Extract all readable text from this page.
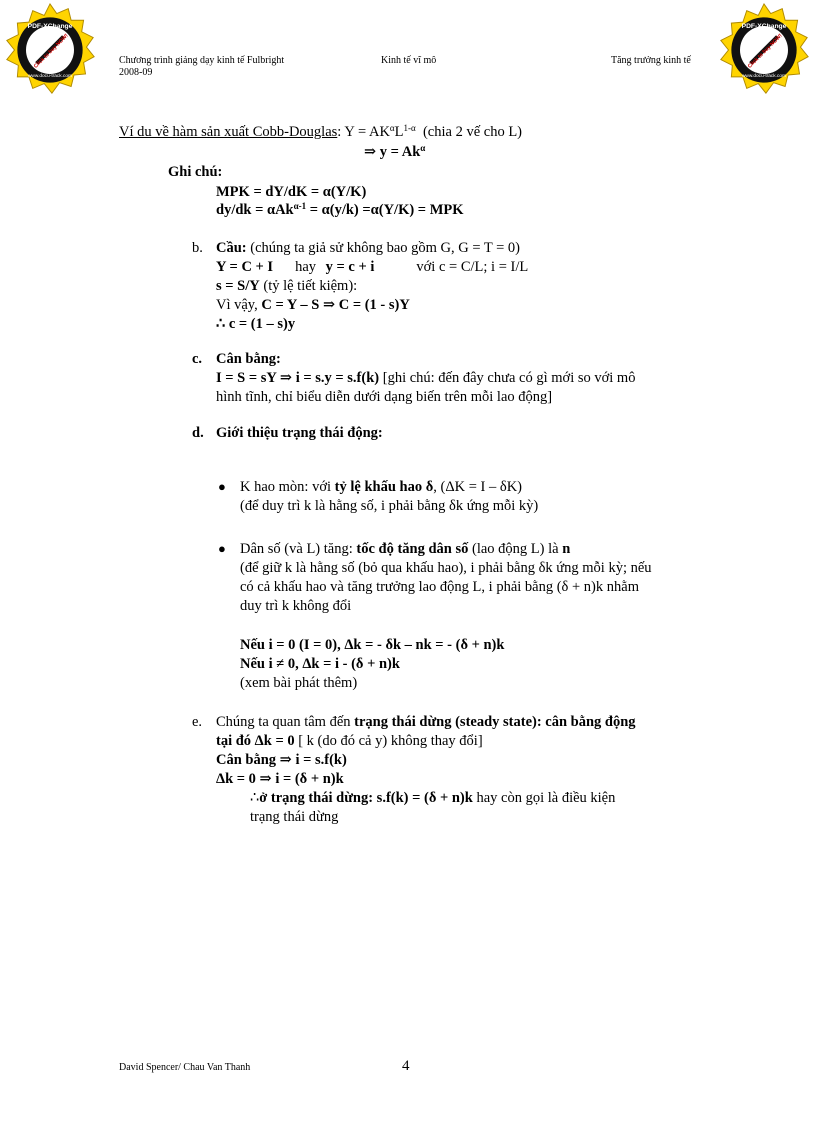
PDF-XChange
Click to buy NOW!
www.docu-track.com
PDF-XChange
Click to buy NOW!
www.docu-track.com
Chương trình giảng dạy kinh tế Fulbright
2008-09
Kinh tế vĩ mô	Tăng trưởng kinh tế
Ví du về hàm sản xuất Cobb-Douglas: $Y = AK^\alpha L^{1-\alpha}$ (chia 2 vế cho L)
⇒ $y = Ak^\alpha$
Ghi chú:
MPK = dY/dK = α(Y/K)
dy/dk = αAk$^{\alpha-1}$ = α(y/k) =α(Y/K) = MPK
b. Cầu: (chúng ta giả sử không bao gồm G, G = T = 0)
Y = C + I hay y = c + i	với c = C/L; i = I/L
s = S/Y (tỷ lệ tiết kiệm):
Vì vậy, C = Y – S ⇒ C = (1 - s)Y
∴ c = (1 – s)y
c. Cân bằng:
I = S = sY ⇒ i = s.y = s.f(k) [ghi chú: đến đây chưa có gì mới so với mô
hình tĩnh, chỉ biểu diễn dưới dạng biến trên mỗi lao động]
d. Giới thiệu trạng thái động:
● K hao mòn: với tỷ lệ khấu hao δ, (ΔK = I – δK)
(để duy trì k là hằng số, i phải bằng δk ứng mỗi kỳ)
● Dân số (và L) tăng: tốc độ tăng dân số (lao động L) là n
(để giữ k là hằng số (bỏ qua khấu hao), i phải bằng δk ứng mỗi kỳ; nếu
có cả khấu hao và tăng trưởng lao động L, i phải bằng (δ + n)k nhằm
duy trì k không đổi
Nếu i = 0 (I = 0), Δk = - δk – nk = - (δ + n)k
Nếu i ≠ 0, Δk = i - (δ + n)k
(xem bài phát thêm)
e. Chúng ta quan tâm đến trạng thái dừng (steady state): cân bằng động
tại đó Δk = 0 [ k (do đó cả y) không thay đổi]
Cân bằng ⇒ i = s.f(k)
Δk = 0 ⇒ i = (δ + n)k
∴ở trạng thái dừng: s.f(k) = (δ + n)k hay còn gọi là điều kiện
trạng thái dừng
David Spencer/ Chau Van Thanh	4
